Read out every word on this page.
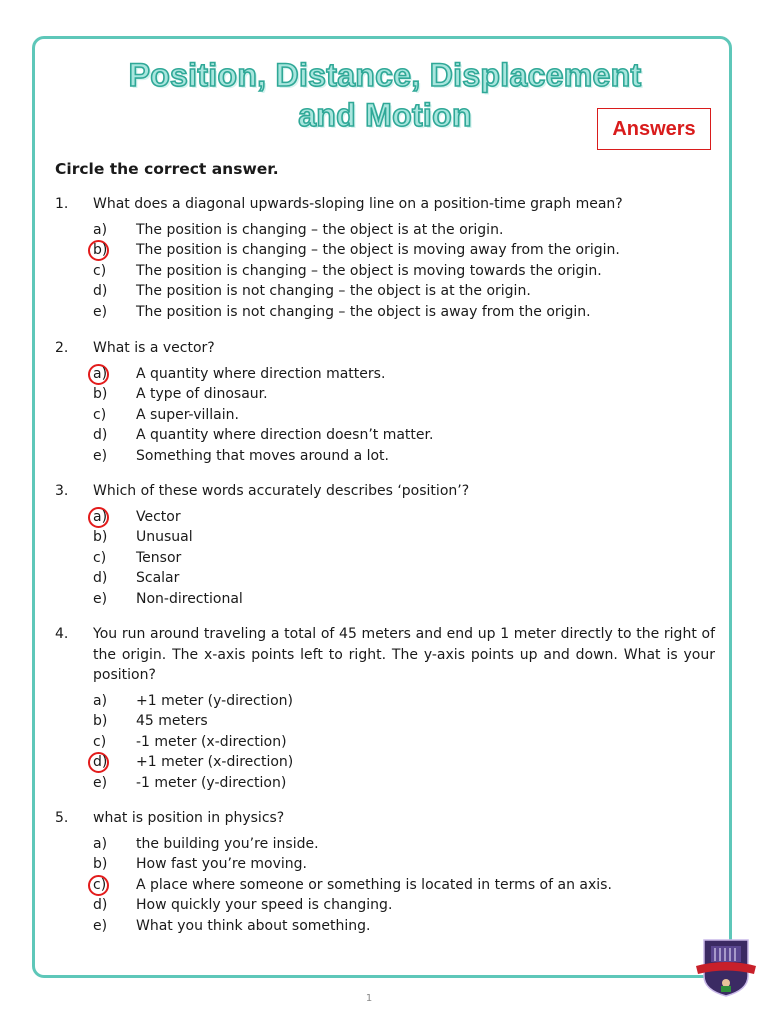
Position, Distance, Displacement
and Motion	Answers
Circle the correct answer.
1.	What does a diagonal upwards-sloping line on a position-time graph mean?
a)	The position is changing – the object is at the origin.
b)	The position is changing – the object is moving away from the origin.
c)	The position is changing – the object is moving towards the origin.
d)	The position is not changing – the object is at the origin.
e)	The position is not changing – the object is away from the origin.
2.	What is a vector?
a)	A quantity where direction matters.
b)	A type of dinosaur.
c)	A super-villain.
d)	A quantity where direction doesn’t matter.
e)	Something that moves around a lot.
3.	Which of these words accurately describes ‘position’?
a)	Vector
b)	Unusual
c)	Tensor
d)	Scalar
e)	Non-directional
4.	You run around traveling a total of 45 meters and end up 1 meter directly to the right of the origin. The x-axis points left to right. The y-axis points up and down. What is your position?
a)	+1 meter (y-direction)
b)	45 meters
c)	-1 meter (x-direction)
d)	+1 meter (x-direction)
e)	-1 meter (y-direction)
5.	what is position in physics?
a)	the building you’re inside.
b)	How fast you’re moving.
c)	A place where someone or something is located in terms of an axis.
d)	How quickly your speed is changing.
e)	What you think about something.
1
